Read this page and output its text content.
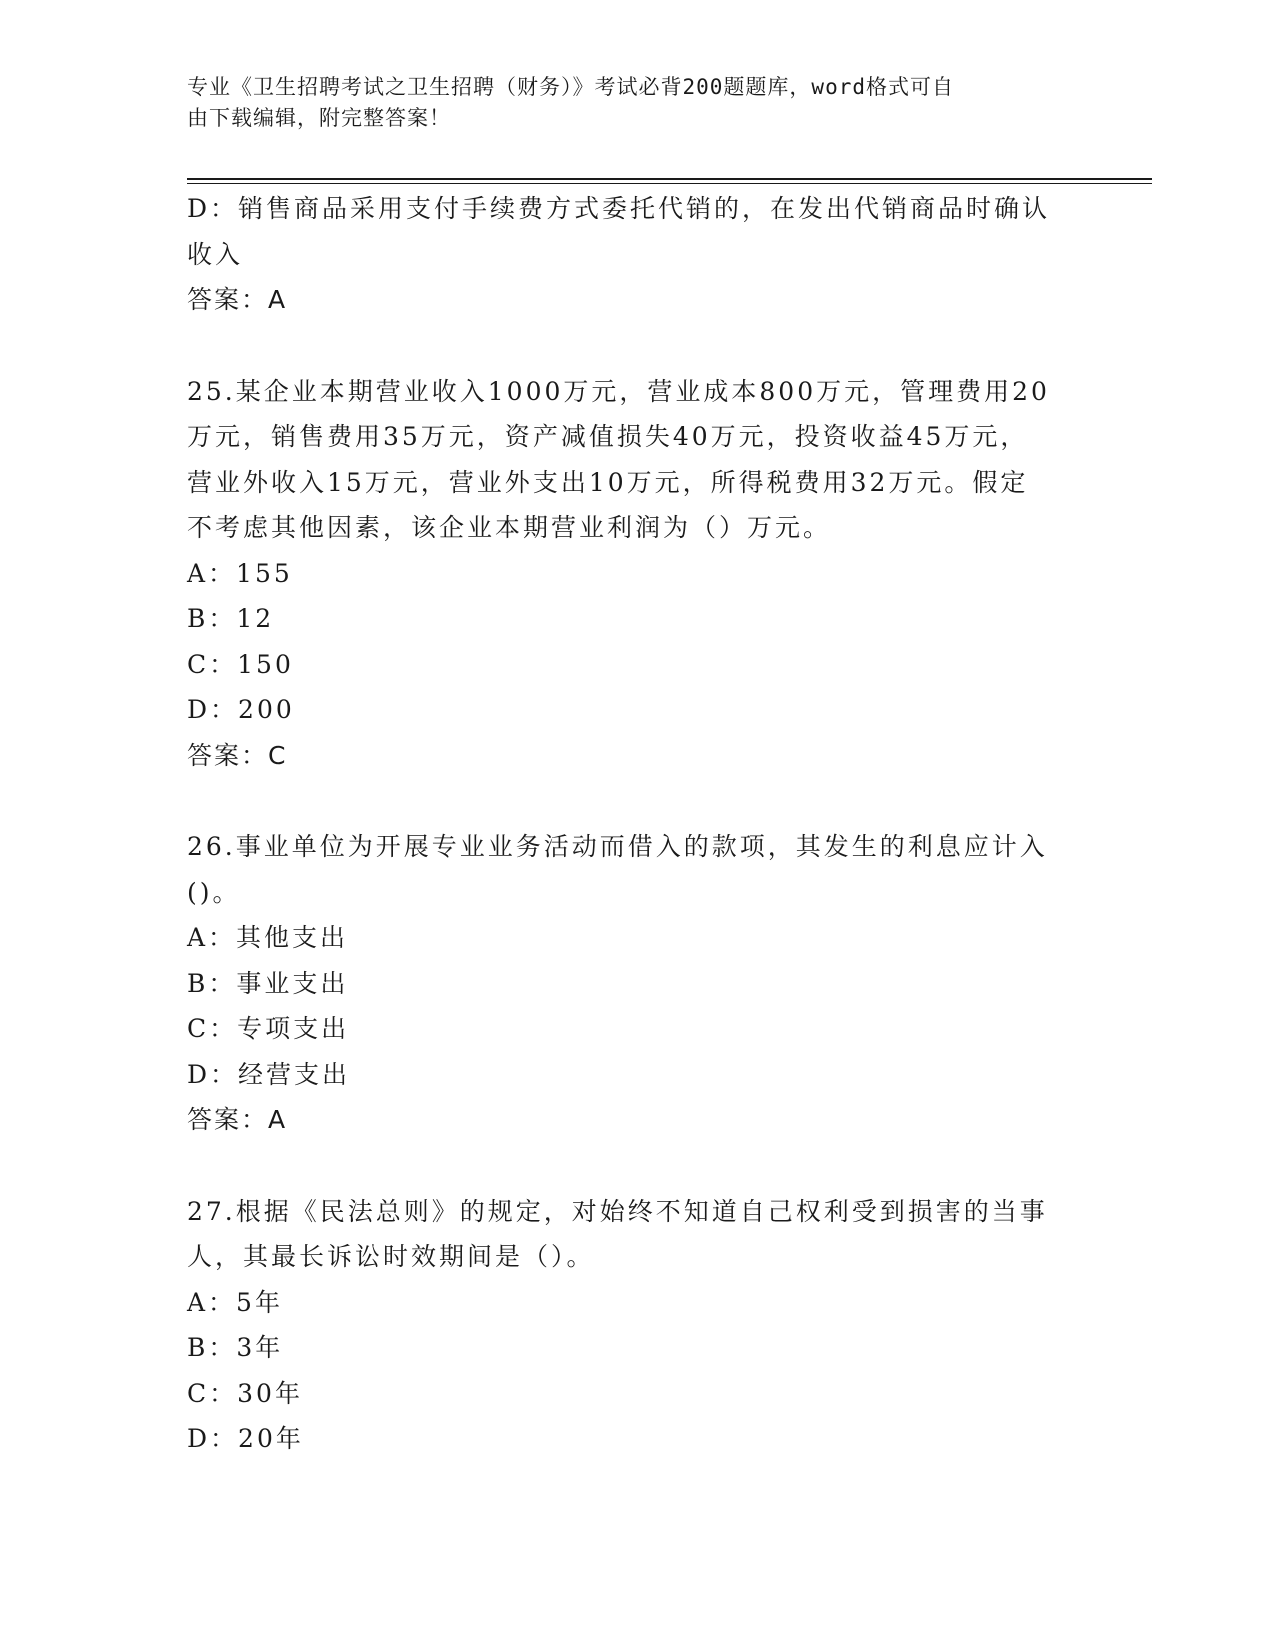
专业《卫生招聘考试之卫生招聘（财务）》考试必背200题题库，word格式可自
由下载编辑，附完整答案！
D：销售商品采用支付手续费方式委托代销的，在发出代销商品时确认
收入
答案：A
25.某企业本期营业收入1000万元，营业成本800万元，管理费用20
万元，销售费用35万元，资产减值损失40万元，投资收益45万元，
营业外收入15万元，营业外支出10万元，所得税费用32万元。假定
不考虑其他因素，该企业本期营业利润为（）万元。
A：155
B：12
C：150
D：200
答案：C
26.事业单位为开展专业业务活动而借入的款项，其发生的利息应计入
()。
A：其他支出
B：事业支出
C：专项支出
D：经营支出
答案：A
27.根据《民法总则》的规定，对始终不知道自己权利受到损害的当事
人，其最长诉讼时效期间是（）。
A：5年
B：3年
C：30年
D：20年
